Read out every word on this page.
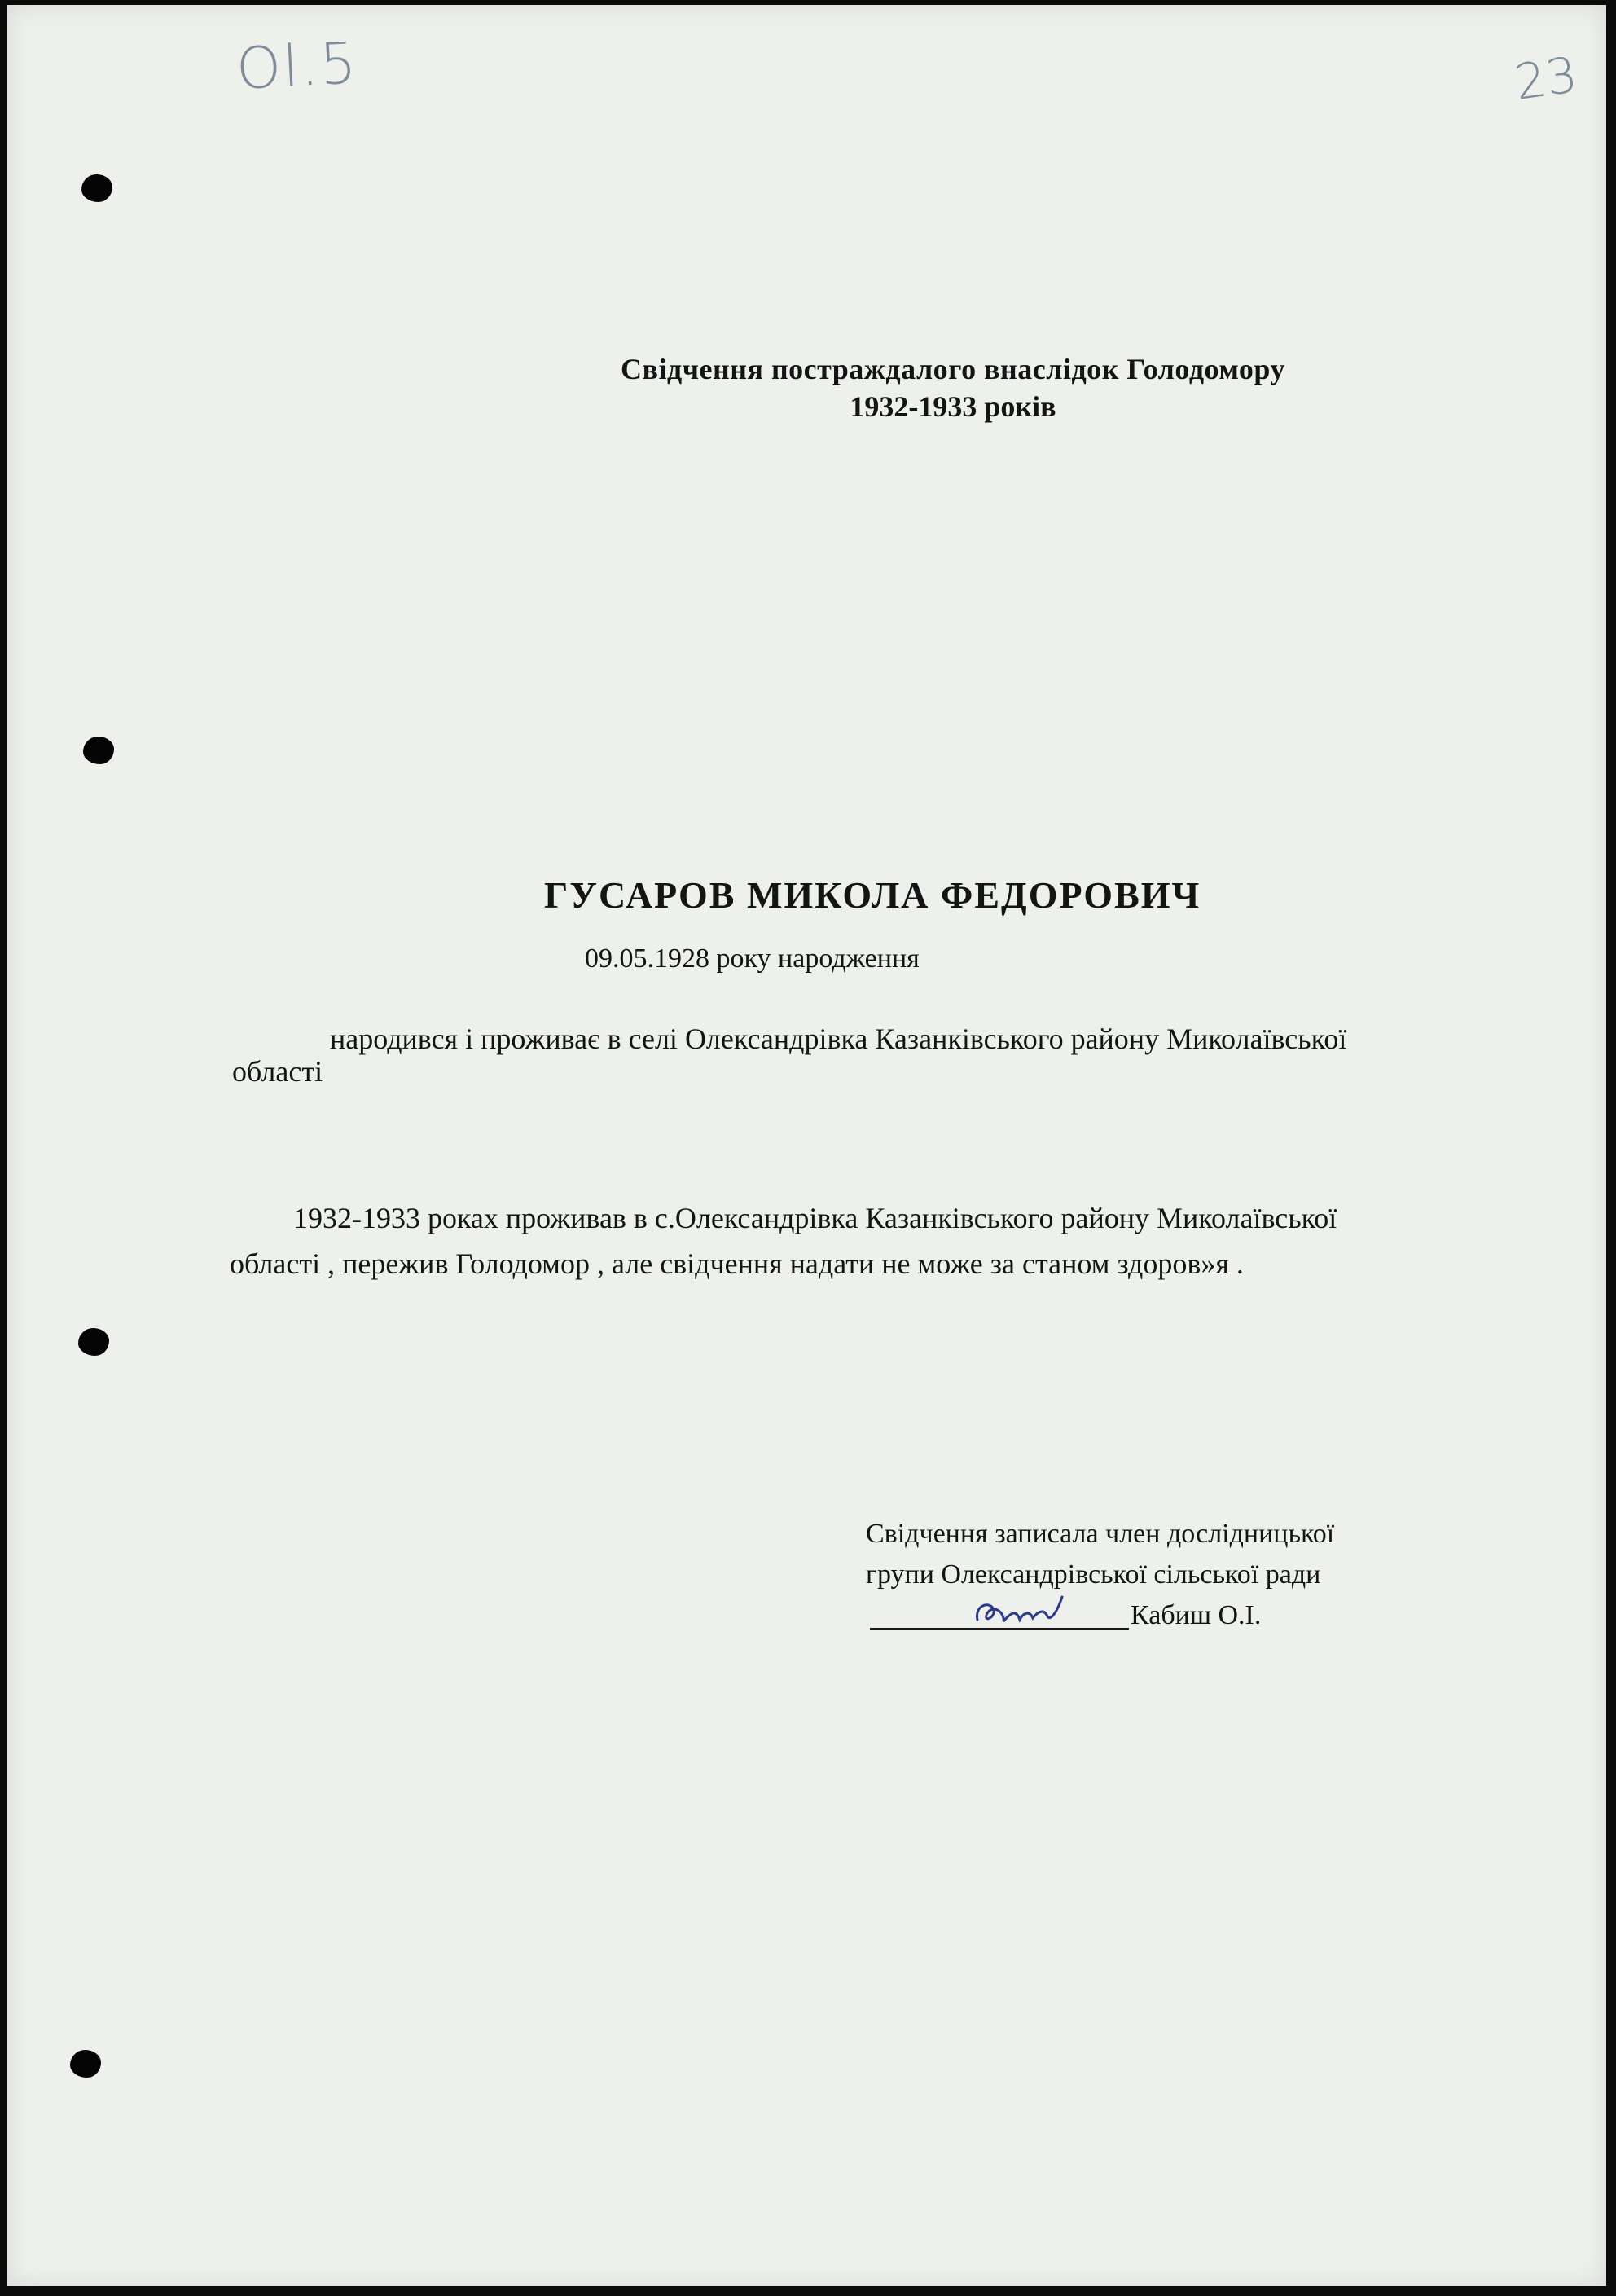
Ol.5	23
Свідчення постраждалого внаслідок Голодомору
1932-1933 років
ГУСАРОВ МИКОЛА ФЕДОРОВИЧ
09.05.1928 року народження
народився і проживає в селі Олександрівка Казанківського району Миколаївської
області
1932-1933 роках проживав в с.Олександрівка Казанківського району Миколаївської
області , пережив Голодомор , але свідчення надати не може за станом здоров»я .
Свідчення записала член дослідницької
групи Олександрівської сільської ради
Кабиш О.І.
